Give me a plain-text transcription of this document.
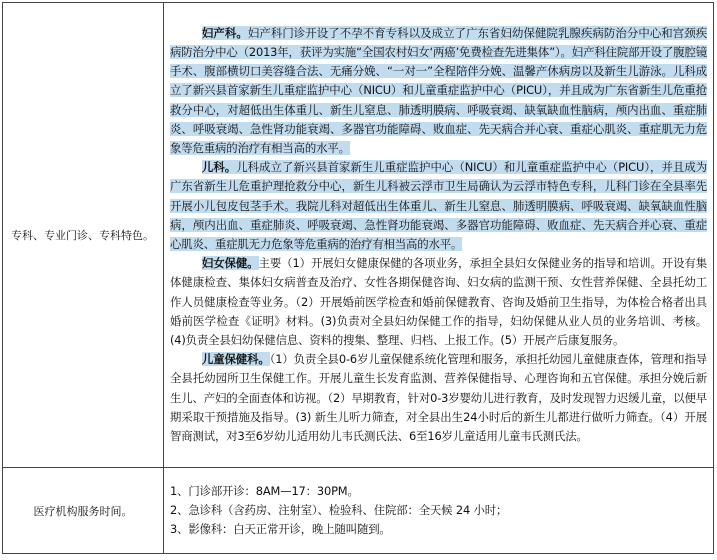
专科、专业门诊、专科特色。	妇产科。妇产科门诊开设了不孕不育专科以及成立了广东省妇幼保健院乳腺疾病防治分中心和宫颈疾病防治分中心（2013年，获评为实施“全国农村妇女‘两癌’免费检查先进集体”）。妇产科住院部开设了腹腔镜手术、腹部横切口美容缝合法、无痛分娩、“一对一”全程陪伴分娩、温馨产休病房以及新生儿游泳。儿科成立了新兴县首家新生儿重症监护中心（NICU）和儿童重症监护中心（PICU），并且成为广东省新生儿危重抢救分中心，对超低出生体重儿、新生儿窒息、肺透明膜病、呼吸衰竭、缺氧缺血性脑病，颅内出血、重症肺炎、呼吸衰竭、急性肾功能衰竭、多器官功能障碍、败血症、先天病合并心衰、重症心肌炎、重症肌无力危象等危重病的治疗有相当高的水平。

儿科。儿科成立了新兴县首家新生儿重症监护中心（NICU）和儿童重症监护中心（PICU），并且成为广东省新生儿危重护理抢救分中心，新生儿科被云浮市卫生局确认为云浮市特色专科，儿科门诊在全县率先开展小儿包皮包茎手术。我院儿科对超低出生体重儿、新生儿窒息、肺透明膜病、呼吸衰竭、缺氧缺血性脑病，颅内出血、重症肺炎、呼吸衰竭、急性肾功能衰竭、多器官功能障碍、败血症、先天病合并心衰、重症心肌炎、重症肌无力危象等危重病的治疗有相当高的水平。

妇女保健。主要（1）开展妇女健康保健的各项业务，承担全县妇女保健业务的指导和培训。开设有集体健康检查、集体妇女病普查及治疗、女性各期保健咨询、妇女病的监测干预、女性营养保健、全县托幼工作人员健康检查等业务。（2）开展婚前医学检查和婚前保健教育、咨询及婚前卫生指导，为体检合格者出具婚前医学检查《证明》材料。(3)负责对全县妇幼保健工作的指导，妇幼保健从业人员的业务培训、考核。(4)负责全县妇幼保健信息、资料的搜集、整理、归档、上报工作。(5）开展产后康复服务。

儿童保健科。（1）负责全县0-6岁儿童保健系统化管理和服务，承担托幼园儿童健康查体，管理和指导全县托幼园所卫生保健工作。开展儿童生长发育监测、营养保健指导、心理咨询和五官保健。承担分娩后新生儿、产妇的全面查体和访视。（2）早期教育，针对0-3岁婴幼儿进行教育，及时发现智力迟缓儿童，以便早期采取干预措施及指导。(3) 新生儿听力筛查，对全县出生24小时后的新生儿都进行做听力筛查。（4）开展智商测试，对3至6岁幼儿适用幼儿韦氏测氏法、6至16岁儿童适用儿童韦氏测氏法。

医疗机构服务时间。	1、门诊部开诊：8AM—17：30PM。
2、急诊科（含药房、注射室）、检验科、住院部：全天候 24 小时；
3、影像科：白天正常开诊，晚上随叫随到。
